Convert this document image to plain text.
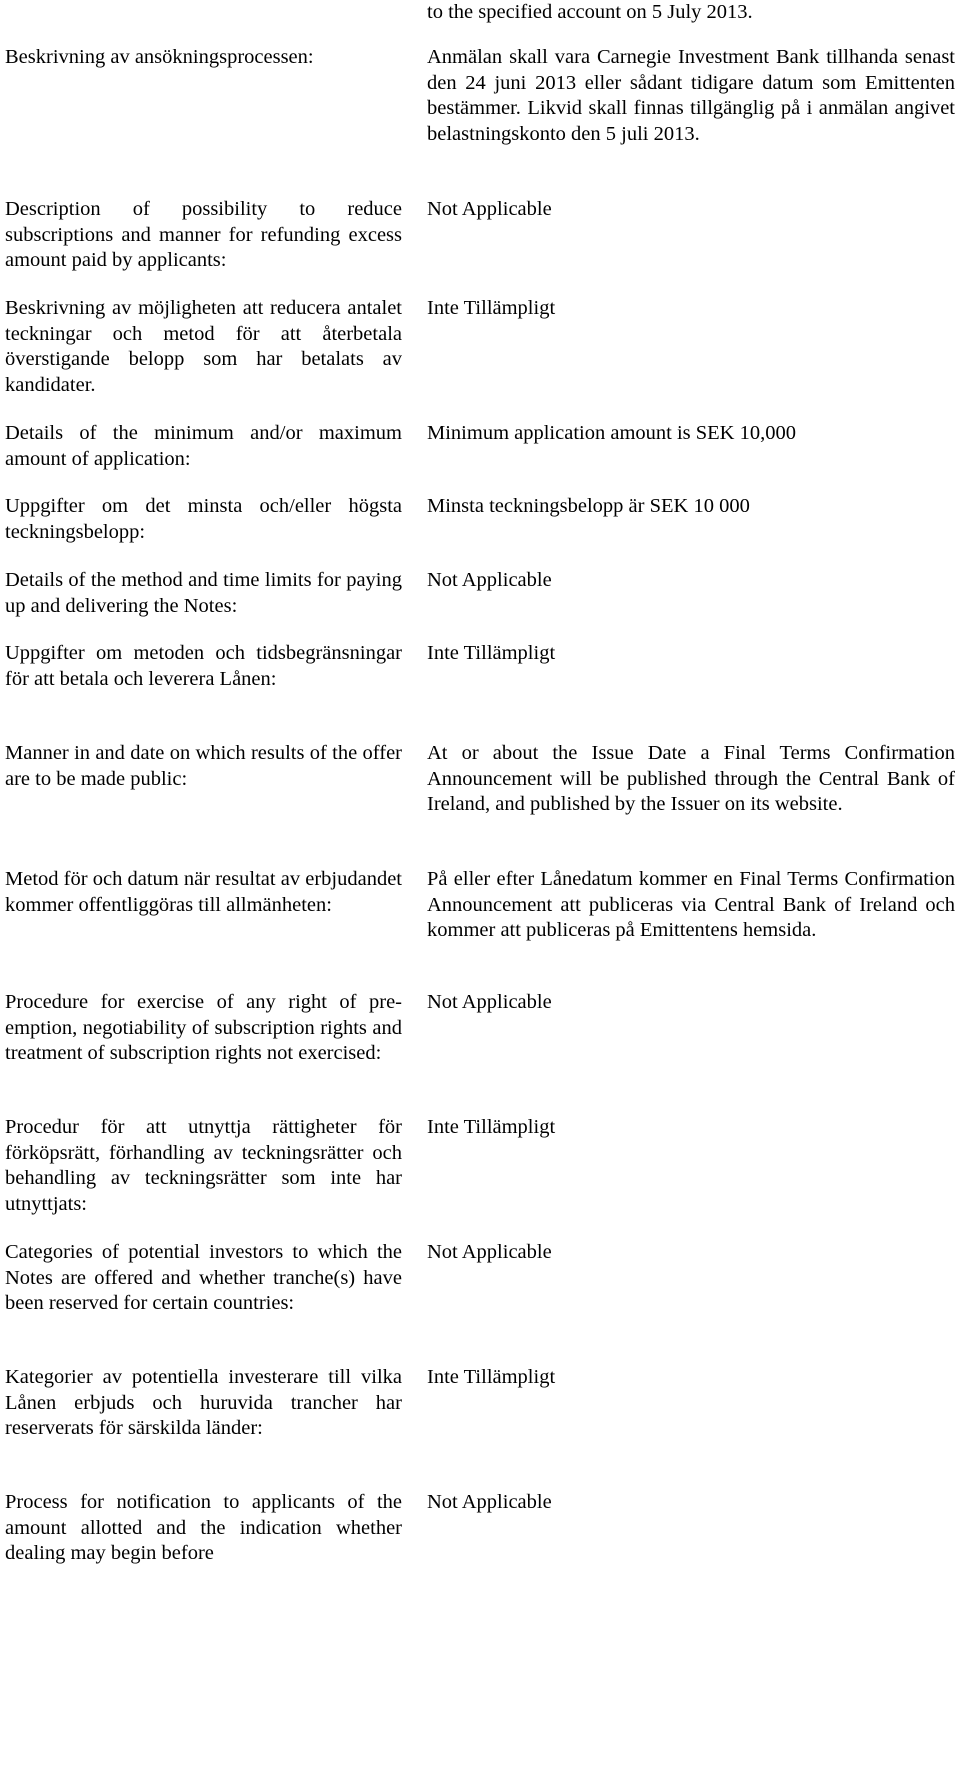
to the specified account on 5 July 2013.

Beskrivning av ansökningsprocessen:	Anmälan skall vara Carnegie Investment Bank tillhanda senast den 24 juni 2013 eller sådant tidigare datum som Emittenten bestämmer. Likvid skall finnas tillgänglig på i anmälan angivet belastningskonto den 5 juli 2013.

Description of possibility to reduce subscriptions and manner for refunding excess amount paid by applicants:

Not Applicable

Beskrivning av möjligheten att reducera antalet teckningar och metod för att återbetala överstigande belopp som har betalats av kandidater.

Inte Tillämpligt

Details of the minimum and/or maximum amount of application:

Minimum application amount is SEK 10,000

Uppgifter om det minsta och/eller högsta teckningsbelopp:

Minsta teckningsbelopp är SEK 10 000

Details of the method and time limits for paying up and delivering the Notes:

Not Applicable

Uppgifter om metoden och tidsbegränsningar för att betala och leverera Lånen:

Inte Tillämpligt

Manner in and date on which results of the offer are to be made public:

At or about the Issue Date a Final Terms Confirmation Announcement will be published through the Central Bank of Ireland, and published by the Issuer on its website.

Metod för och datum när resultat av erbjudandet kommer offentliggöras till allmänheten:

På eller efter Lånedatum kommer en Final Terms Confirmation Announcement att publiceras via Central Bank of Ireland och kommer att publiceras på Emittentens hemsida.

Procedure for exercise of any right of pre-emption, negotiability of subscription rights and treatment of subscription rights not exercised:

Not Applicable

Procedur för att utnyttja rättigheter för förköpsrätt, förhandling av teckningsrätter och behandling av teckningsrätter som inte har utnyttjats:

Inte Tillämpligt

Categories of potential investors to which the Notes are offered and whether tranche(s) have been reserved for certain countries:

Not Applicable

Kategorier av potentiella investerare till vilka Lånen erbjuds och huruvida trancher har reserverats för särskilda länder:

Inte Tillämpligt

Process for notification to applicants of the amount allotted and the indication whether dealing may begin before

Not Applicable
